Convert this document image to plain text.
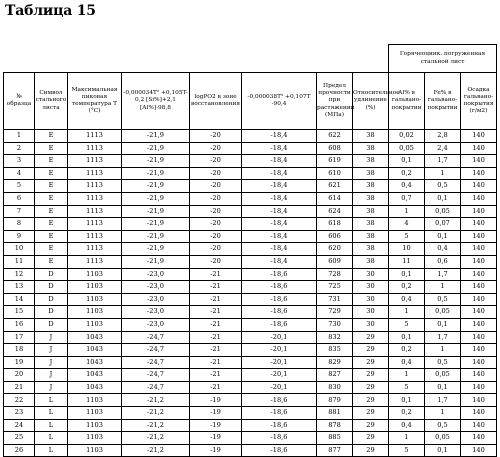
Таблица 15
								Горячеоцинк. погруженная стальной лист		
№ образца	Символ стального листа	Максимальная пиковая температура T (°C)	-0,000034T² +0,105T-0,2 [Si%]+2,1 [Al%]-98,8	logPO2 в зоне восстановления	-0,000038T² +0,107T -90,4	Предел прочности при растяжении (МПа)	Относительное удлинение (%)	Al% в гальвано-покрытии	Fe% в гальвано-покрытии	Осадка гальвано-покрытия (г/м2)
1	E	1113	-21,9	-20	-18,4	622	38	0,02	2,8	140
2	E	1113	-21,9	-20	-18,4	608	38	0,05	2,4	140
3	E	1113	-21,9	-20	-18,4	619	38	0,1	1,7	140
4	E	1113	-21,9	-20	-18,4	610	38	0,2	1	140
5	E	1113	-21,9	-20	-18,4	621	38	0,4	0,5	140
6	E	1113	-21,9	-20	-18,4	614	38	0,7	0,1	140
7	E	1113	-21,9	-20	-18,4	624	38	1	0,05	140
8	E	1113	-21,9	-20	-18,4	618	38	4	0,07	140
9	E	1113	-21,9	-20	-18,4	606	38	5	0,1	140
10	E	1113	-21,9	-20	-18,4	620	38	10	0,4	140
11	E	1113	-21,9	-20	-18,4	609	38	11	0,6	140
12	D	1103	-23,0	-21	-18,6	728	30	0,1	1,7	140
13	D	1103	-23,0	-21	-18,6	725	30	0,2	1	140
14	D	1103	-23,0	-21	-18,6	731	30	0,4	0,5	140
15	D	1103	-23,0	-21	-18,6	729	30	1	0,05	140
16	D	1103	-23,0	-21	-18,6	730	30	5	0,1	140
17	J	1043	-24,7	-21	-20,1	832	29	0,1	1,7	140
18	J	1043	-24,7	-21	-20,1	835	29	0,2	1	140
19	J	1043	-24,7	-21	-20,1	829	29	0,4	0,5	140
20	J	1043	-24,7	-21	-20,1	827	29	1	0,05	140
21	J	1043	-24,7	-21	-20,1	830	29	5	0,1	140
22	L	1103	-21,2	-19	-18,6	879	29	0,1	1,7	140
23	L	1103	-21,2	-19	-18,6	881	29	0,2	1	140
24	L	1103	-21,2	-19	-18,6	878	29	0,4	0,5	140
25	L	1103	-21,2	-19	-18,6	885	29	1	0,05	140
26	L	1103	-21,2	-19	-18,6	877	29	5	0,1	140
